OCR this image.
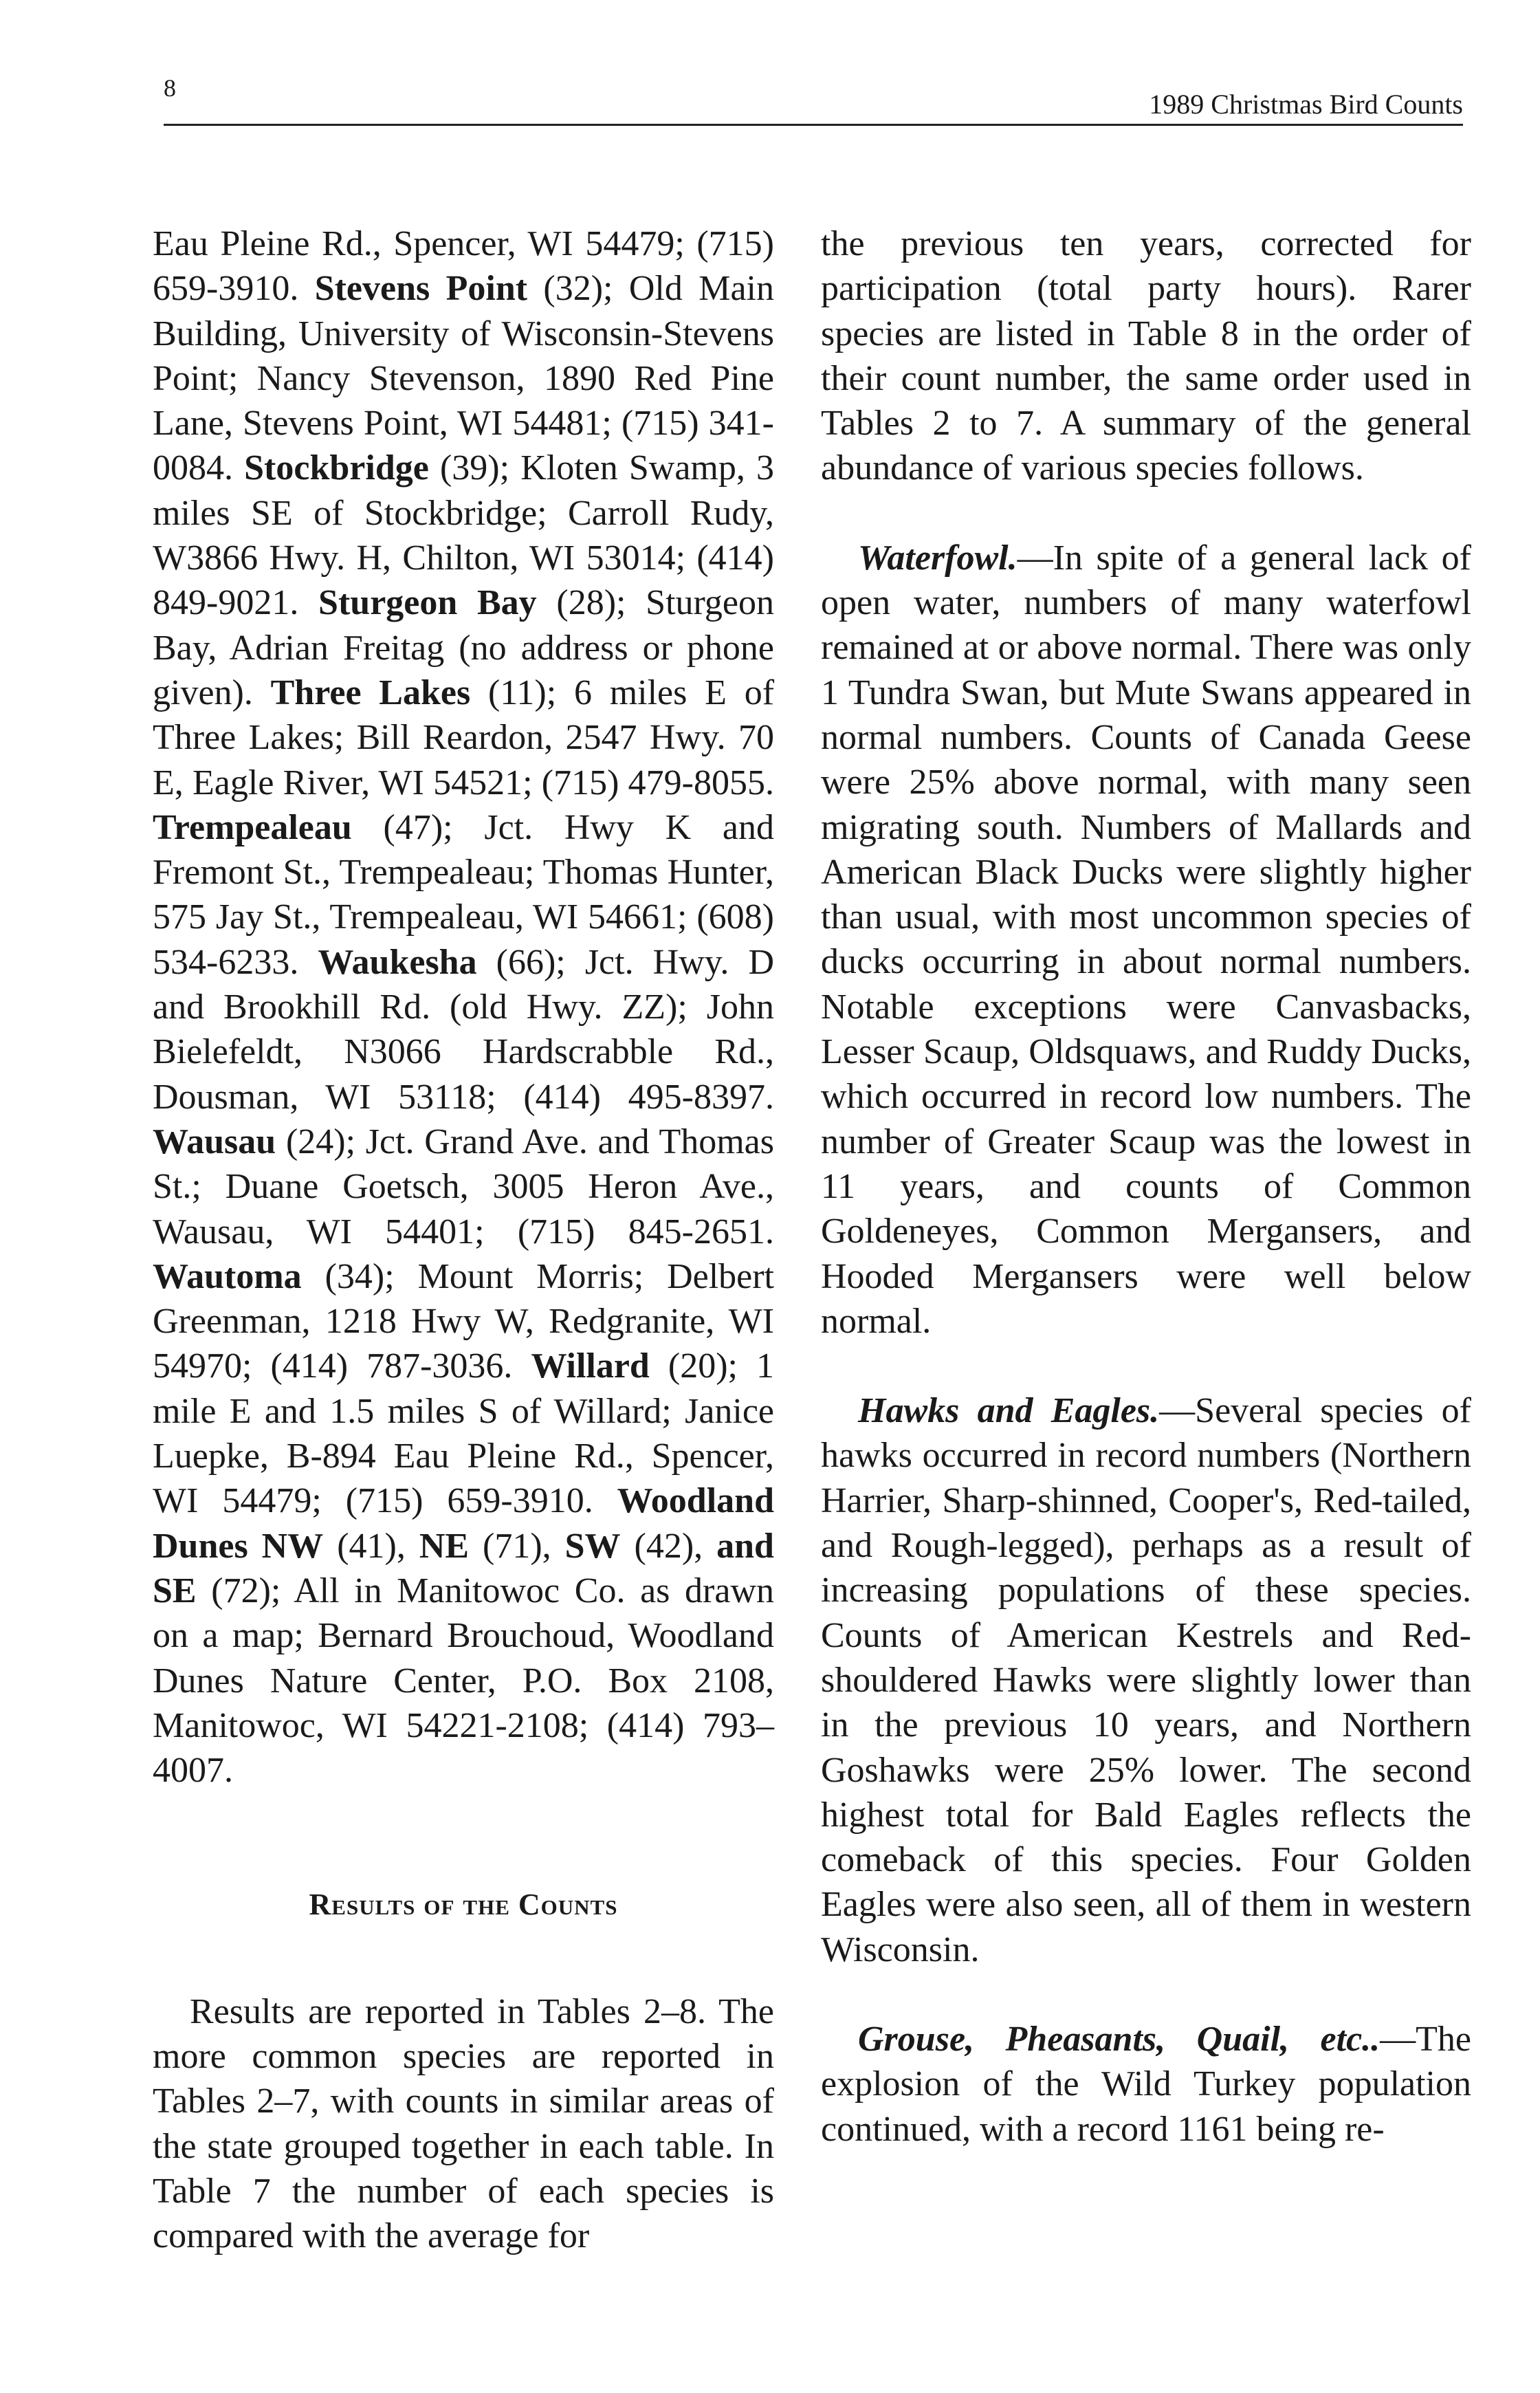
8
1989 Christmas Bird Counts

Eau Pleine Rd., Spencer, WI 54479; (715) 659-3910. Stevens Point (32); Old Main Building, University of Wisconsin-Stevens Point; Nancy Stevenson, 1890 Red Pine Lane, Stevens Point, WI 54481; (715) 341-0084. Stockbridge (39); Kloten Swamp, 3 miles SE of Stockbridge; Carroll Rudy, W3866 Hwy. H, Chilton, WI 53014; (414) 849-9021. Sturgeon Bay (28); Sturgeon Bay, Adrian Freitag (no address or phone given). Three Lakes (11); 6 miles E of Three Lakes; Bill Reardon, 2547 Hwy. 70 E, Eagle River, WI 54521; (715) 479-8055. Trempealeau (47); Jct. Hwy K and Fremont St., Trempealeau; Thomas Hunter, 575 Jay St., Trempealeau, WI 54661; (608) 534-6233. Waukesha (66); Jct. Hwy. D and Brookhill Rd. (old Hwy. ZZ); John Bielefeldt, N3066 Hardscrabble Rd., Dousman, WI 53118; (414) 495-8397. Wausau (24); Jct. Grand Ave. and Thomas St.; Duane Goetsch, 3005 Heron Ave., Wausau, WI 54401; (715) 845-2651. Wautoma (34); Mount Morris; Delbert Greenman, 1218 Hwy W, Redgranite, WI 54970; (414) 787-3036. Willard (20); 1 mile E and 1.5 miles S of Willard; Janice Luepke, B-894 Eau Pleine Rd., Spencer, WI 54479; (715) 659-3910. Woodland Dunes NW (41), NE (71), SW (42), and SE (72); All in Manitowoc Co. as drawn on a map; Bernard Brouchoud, Woodland Dunes Nature Center, P.O. Box 2108, Manitowoc, WI 54221-2108; (414) 793–4007.

Results of the Counts

Results are reported in Tables 2–8. The more common species are reported in Tables 2–7, with counts in similar areas of the state grouped together in each table. In Table 7 the number of each species is compared with the average for

the previous ten years, corrected for participation (total party hours). Rarer species are listed in Table 8 in the order of their count number, the same order used in Tables 2 to 7. A summary of the general abundance of various species follows.

Waterfowl.—In spite of a general lack of open water, numbers of many waterfowl remained at or above normal. There was only 1 Tundra Swan, but Mute Swans appeared in normal numbers. Counts of Canada Geese were 25% above normal, with many seen migrating south. Numbers of Mallards and American Black Ducks were slightly higher than usual, with most uncommon species of ducks occurring in about normal numbers. Notable exceptions were Canvasbacks, Lesser Scaup, Oldsquaws, and Ruddy Ducks, which occurred in record low numbers. The number of Greater Scaup was the lowest in 11 years, and counts of Common Goldeneyes, Common Mergansers, and Hooded Mergansers were well below normal.

Hawks and Eagles.—Several species of hawks occurred in record numbers (Northern Harrier, Sharp-shinned, Cooper's, Red-tailed, and Rough-legged), perhaps as a result of increasing populations of these species. Counts of American Kestrels and Red-shouldered Hawks were slightly lower than in the previous 10 years, and Northern Goshawks were 25% lower. The second highest total for Bald Eagles reflects the comeback of this species. Four Golden Eagles were also seen, all of them in western Wisconsin.

Grouse, Pheasants, Quail, etc..—The explosion of the Wild Turkey population continued, with a record 1161 being re-
